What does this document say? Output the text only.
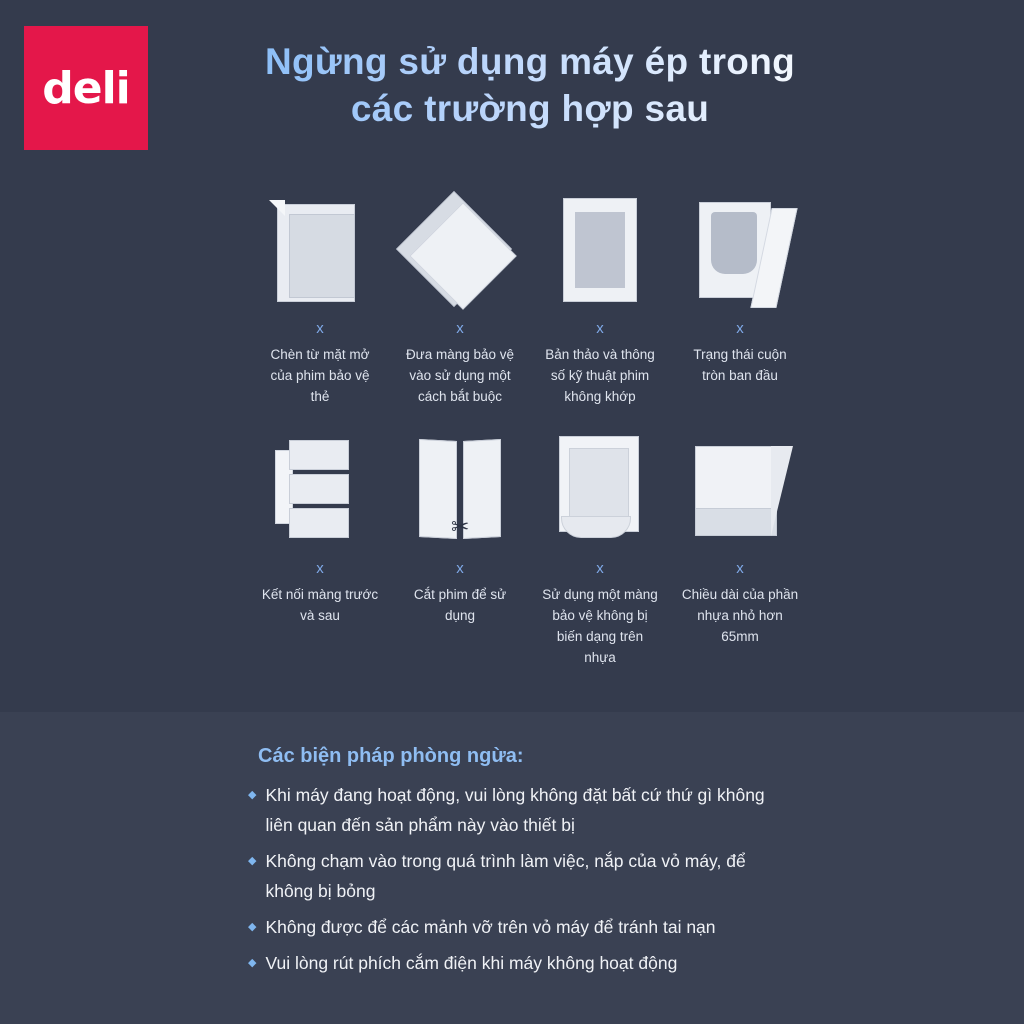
deli
Ngừng sử dụng máy ép trong
các trường hợp sau
x
Chèn từ mặt mở của phim bảo vệ thẻ
x
Đưa màng bảo vệ vào sử dụng một cách bắt buộc
x
Bản thảo và thông số kỹ thuật phim không khớp
x
Trạng thái cuộn tròn ban đầu
x
Kết nối màng trước và sau
✂
x
Cắt phim để sử dụng
x
Sử dụng một màng bảo vệ không bị biến dạng trên nhựa
x
Chiều dài của phần nhựa nhỏ hơn 65mm
Các biện pháp phòng ngừa:
◆ Khi máy đang hoạt động, vui lòng không đặt bất cứ thứ gì không liên quan đến sản phẩm này vào thiết bị
◆ Không chạm vào trong quá trình làm việc, nắp của vỏ máy, để không bị bỏng
◆ Không được để các mảnh vỡ trên vỏ máy để tránh tai nạn
◆ Vui lòng rút phích cắm điện khi máy không hoạt động
